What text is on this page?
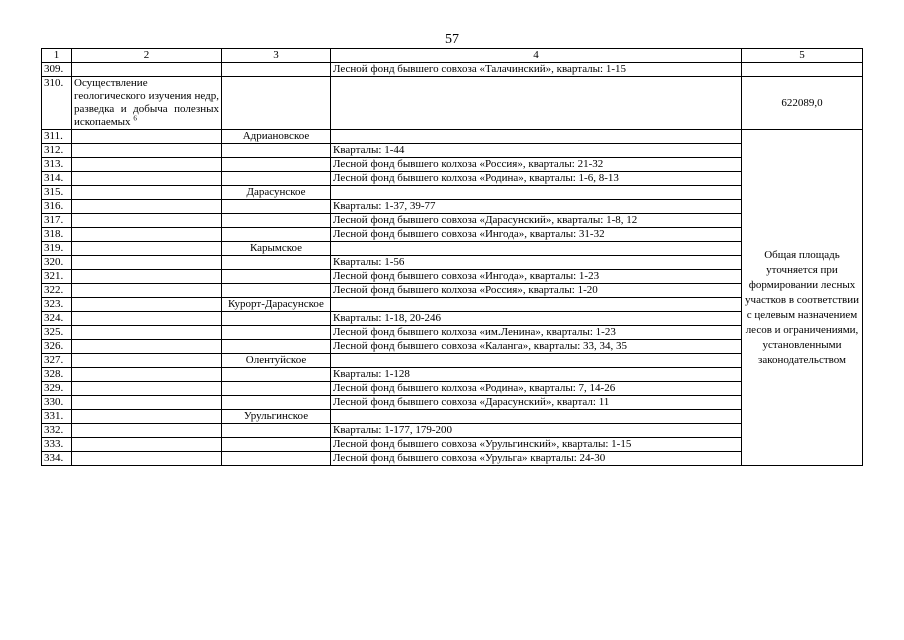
57
1	2	3	4	5
309.			Лесной фонд бывшего совхоза «Талачинский», кварталы: 1-15	
310.	Осуществление геологического изучения недр, разведка и добыча полезных ископаемых $^6$			622089,0
311.		Адриановское		Общая площадь уточняется при формировании лесных участков в соответствии с целевым назначением лесов и ограничениями, установленными законодательством
312.			Кварталы: 1-44	
313.			Лесной фонд бывшего колхоза «Россия», кварталы: 21-32	
314.			Лесной фонд бывшего колхоза «Родина», кварталы: 1-6, 8-13	
315.		Дарасунское		
316.			Кварталы: 1-37, 39-77	
317.			Лесной фонд бывшего совхоза «Дарасунский», кварталы: 1-8, 12	
318.			Лесной фонд бывшего совхоза «Ингода», кварталы: 31-32	
319.		Карымское		
320.			Кварталы: 1-56	
321.			Лесной фонд бывшего совхоза «Ингода», кварталы: 1-23	
322.			Лесной фонд бывшего колхоза «Россия», кварталы: 1-20	
323.		Курорт-Дарасунское		
324.			Кварталы: 1-18, 20-246	
325.			Лесной фонд бывшего колхоза «им.Ленина», кварталы: 1-23	
326.			Лесной фонд бывшего совхоза «Каланга», кварталы: 33, 34, 35	
327.		Олентуйское		
328.			Кварталы: 1-128	
329.			Лесной фонд бывшего колхоза «Родина», кварталы: 7, 14-26	
330.			Лесной фонд бывшего совхоза «Дарасунский», квартал: 11	
331.		Урульгинское		
332.			Кварталы: 1-177, 179-200	
333.			Лесной фонд бывшего совхоза «Урульгинский», кварталы: 1-15	
334.			Лесной фонд бывшего совхоза «Урульга» кварталы: 24-30	
